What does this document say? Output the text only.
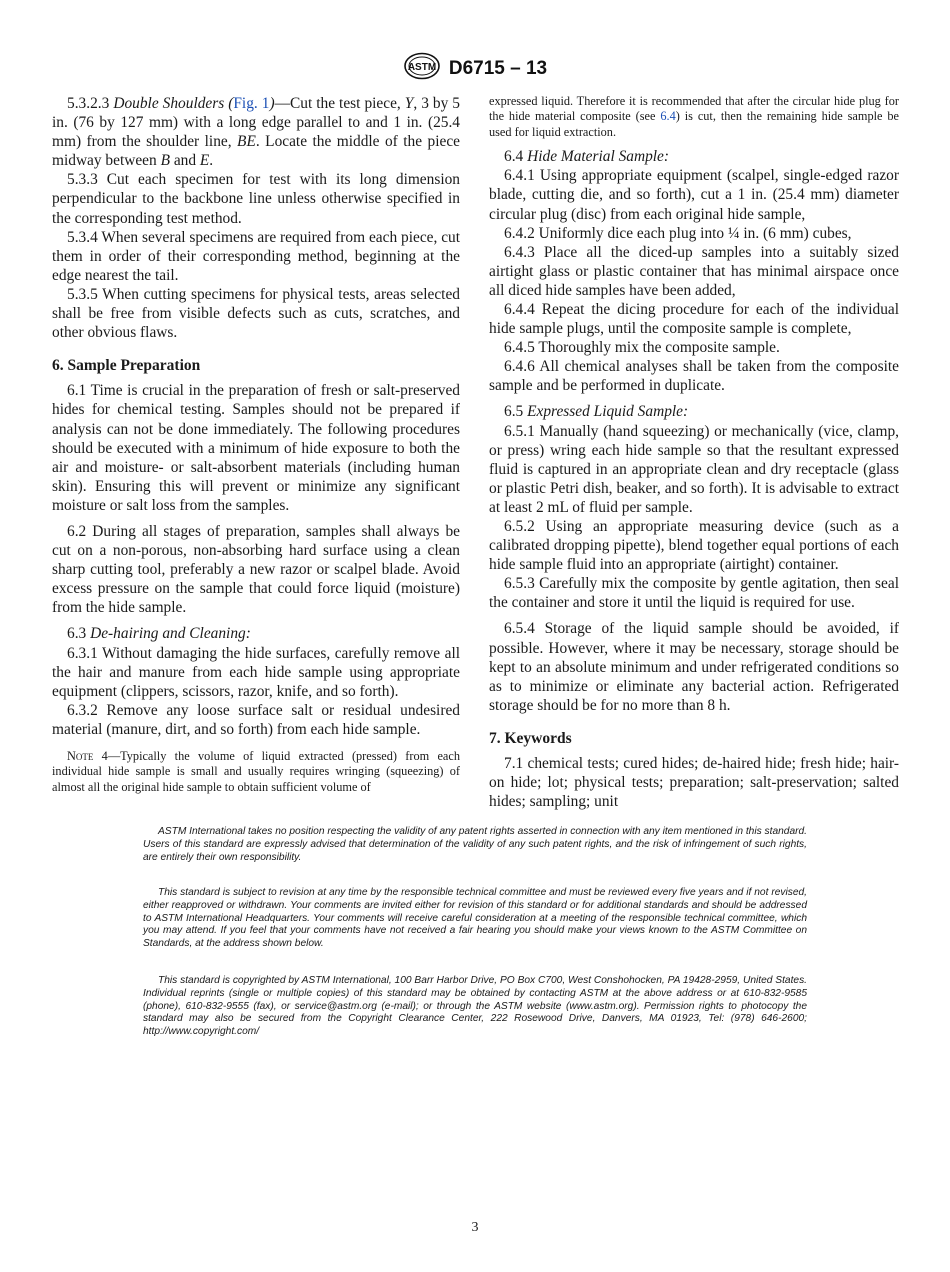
ASTM D6715 – 13

5.3.2.3 Double Shoulders (Fig. 1)—Cut the test piece, Y, 3 by 5 in. (76 by 127 mm) with a long edge parallel to and 1 in. (25.4 mm) from the shoulder line, BE. Locate the middle of the piece midway between B and E.

5.3.3 Cut each specimen for test with its long dimension perpendicular to the backbone line unless otherwise specified in the corresponding test method.

5.3.4 When several specimens are required from each piece, cut them in order of their corresponding method, beginning at the edge nearest the tail.

5.3.5 When cutting specimens for physical tests, areas selected shall be free from visible defects such as cuts, scratches, and other obvious flaws.

6. Sample Preparation

6.1 Time is crucial in the preparation of fresh or salt-preserved hides for chemical testing. Samples should not be prepared if analysis can not be done immediately. The following procedures should be executed with a minimum of hide exposure to both the air and moisture- or salt-absorbent materials (including human skin). Ensuring this will prevent or minimize any significant moisture or salt loss from the samples.

6.2 During all stages of preparation, samples shall always be cut on a non-porous, non-absorbing hard surface using a clean sharp cutting tool, preferably a new razor or scalpel blade. Avoid excess pressure on the sample that could force liquid (moisture) from the hide sample.

6.3 De-hairing and Cleaning:

6.3.1 Without damaging the hide surfaces, carefully remove all the hair and manure from each hide sample using appropriate equipment (clippers, scissors, razor, knife, and so forth).

6.3.2 Remove any loose surface salt or residual undesired material (manure, dirt, and so forth) from each hide sample.

Note 4—Typically the volume of liquid extracted (pressed) from each individual hide sample is small and usually requires wringing (squeezing) of almost all the original hide sample to obtain sufficient volume of

expressed liquid. Therefore it is recommended that after the circular hide plug for the hide material composite (see 6.4) is cut, then the remaining hide sample be used for liquid extraction.

6.4 Hide Material Sample:

6.4.1 Using appropriate equipment (scalpel, single-edged razor blade, cutting die, and so forth), cut a 1 in. (25.4 mm) diameter circular plug (disc) from each original hide sample,

6.4.2 Uniformly dice each plug into ¼ in. (6 mm) cubes,

6.4.3 Place all the diced-up samples into a suitably sized airtight glass or plastic container that has minimal airspace once all diced hide samples have been added,

6.4.4 Repeat the dicing procedure for each of the individual hide sample plugs, until the composite sample is complete,

6.4.5 Thoroughly mix the composite sample.

6.4.6 All chemical analyses shall be taken from the composite sample and be performed in duplicate.

6.5 Expressed Liquid Sample:

6.5.1 Manually (hand squeezing) or mechanically (vice, clamp, or press) wring each hide sample so that the resultant expressed fluid is captured in an appropriate clean and dry receptacle (glass or plastic Petri dish, beaker, and so forth). It is advisable to extract at least 2 mL of fluid per sample.

6.5.2 Using an appropriate measuring device (such as a calibrated dropping pipette), blend together equal portions of each hide sample fluid into an appropriate (airtight) container.

6.5.3 Carefully mix the composite by gentle agitation, then seal the container and store it until the liquid is required for use.

6.5.4 Storage of the liquid sample should be avoided, if possible. However, where it may be necessary, storage should be kept to an absolute minimum and under refrigerated conditions so as to minimize or eliminate any bacterial action. Refrigerated storage should be for no more than 8 h.

7. Keywords

7.1 chemical tests; cured hides; de-haired hide; fresh hide; hair-on hide; lot; physical tests; preparation; salt-preservation; salted hides; sampling; unit

ASTM International takes no position respecting the validity of any patent rights asserted in connection with any item mentioned in this standard. Users of this standard are expressly advised that determination of the validity of any such patent rights, and the risk of infringement of such rights, are entirely their own responsibility.
This standard is subject to revision at any time by the responsible technical committee and must be reviewed every five years and if not revised, either reapproved or withdrawn. Your comments are invited either for revision of this standard or for additional standards and should be addressed to ASTM International Headquarters. Your comments will receive careful consideration at a meeting of the responsible technical committee, which you may attend. If you feel that your comments have not received a fair hearing you should make your views known to the ASTM Committee on Standards, at the address shown below.
This standard is copyrighted by ASTM International, 100 Barr Harbor Drive, PO Box C700, West Conshohocken, PA 19428-2959, United States. Individual reprints (single or multiple copies) of this standard may be obtained by contacting ASTM at the above address or at 610-832-9585 (phone), 610-832-9555 (fax), or service@astm.org (e-mail); or through the ASTM website (www.astm.org). Permission rights to photocopy the standard may also be secured from the Copyright Clearance Center, 222 Rosewood Drive, Danvers, MA 01923, Tel: (978) 646-2600; http://www.copyright.com/
3
